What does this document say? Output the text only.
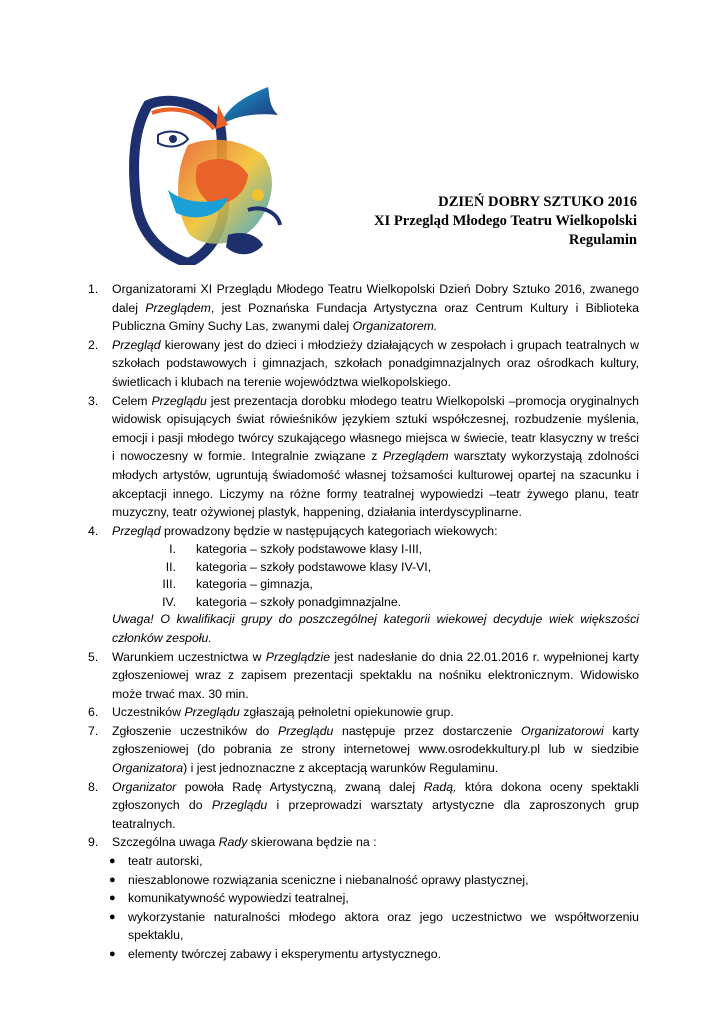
DZIEŃ DOBRY SZTUKO 2016
XI Przegląd Młodego Teatru Wielkopolski
Regulamin
1. Organizatorami XI Przeglądu Młodego Teatru Wielkopolski Dzień Dobry Sztuko 2016, zwanego dalej Przeglądem, jest Poznańska Fundacja Artystyczna oraz Centrum Kultury i Biblioteka Publiczna Gminy Suchy Las, zwanymi dalej Organizatorem.
2. Przegląd kierowany jest do dzieci i młodzieży działających w zespołach i grupach teatralnych w szkołach podstawowych i gimnazjach, szkołach ponadgimnazjalnych oraz ośrodkach kultury, świetlicach i klubach na terenie województwa wielkopolskiego.
3. Celem Przeglądu jest prezentacja dorobku młodego teatru Wielkopolski –promocja oryginalnych widowisk opisujących świat rówieśników językiem sztuki współczesnej, rozbudzenie myślenia, emocji i pasji młodego twórcy szukającego własnego miejsca w świecie, teatr klasyczny w treści i nowoczesny w formie. Integralnie związane z Przeglądem warsztaty wykorzystają zdolności młodych artystów, ugruntują świadomość własnej tożsamości kulturowej opartej na szacunku i akceptacji innego. Liczymy na różne formy teatralnej wypowiedzi –teatr żywego planu, teatr muzyczny, teatr ożywionej plastyk, happening, działania interdyscyplinarne.
4. Przegląd prowadzony będzie w następujących kategoriach wiekowych:
I. kategoria – szkoły podstawowe klasy I-III,
II. kategoria – szkoły podstawowe klasy IV-VI,
III. kategoria – gimnazja,
IV. kategoria – szkoły ponadgimnazjalne.
Uwaga! O kwalifikacji grupy do poszczególnej kategorii wiekowej decyduje wiek większości członków zespołu.
5. Warunkiem uczestnictwa w Przeglądzie jest nadesłanie do dnia 22.01.2016 r. wypełnionej karty zgłoszeniowej wraz z zapisem prezentacji spektaklu na nośniku elektronicznym. Widowisko może trwać max. 30 min.
6. Uczestników Przeglądu zgłaszają pełnoletni opiekunowie grup.
7. Zgłoszenie uczestników do Przeglądu następuje przez dostarczenie Organizatorowi karty zgłoszeniowej (do pobrania ze strony internetowej www.osrodekkultury.pl lub w siedzibie Organizatora) i jest jednoznaczne z akceptacją warunków Regulaminu.
8. Organizator powoła Radę Artystyczną, zwaną dalej Radą, która dokona oceny spektakli zgłoszonych do Przeglądu i przeprowadzi warsztaty artystyczne dla zaproszonych grup teatralnych.
9. Szczególna uwaga Rady skierowana będzie na :
● teatr autorski,
● nieszablonowe rozwiązania sceniczne i niebanalność oprawy plastycznej,
● komunikatywność wypowiedzi teatralnej,
● wykorzystanie naturalności młodego aktora oraz jego uczestnictwo we współtworzeniu spektaklu,
● elementy twórczej zabawy i eksperymentu artystycznego.
